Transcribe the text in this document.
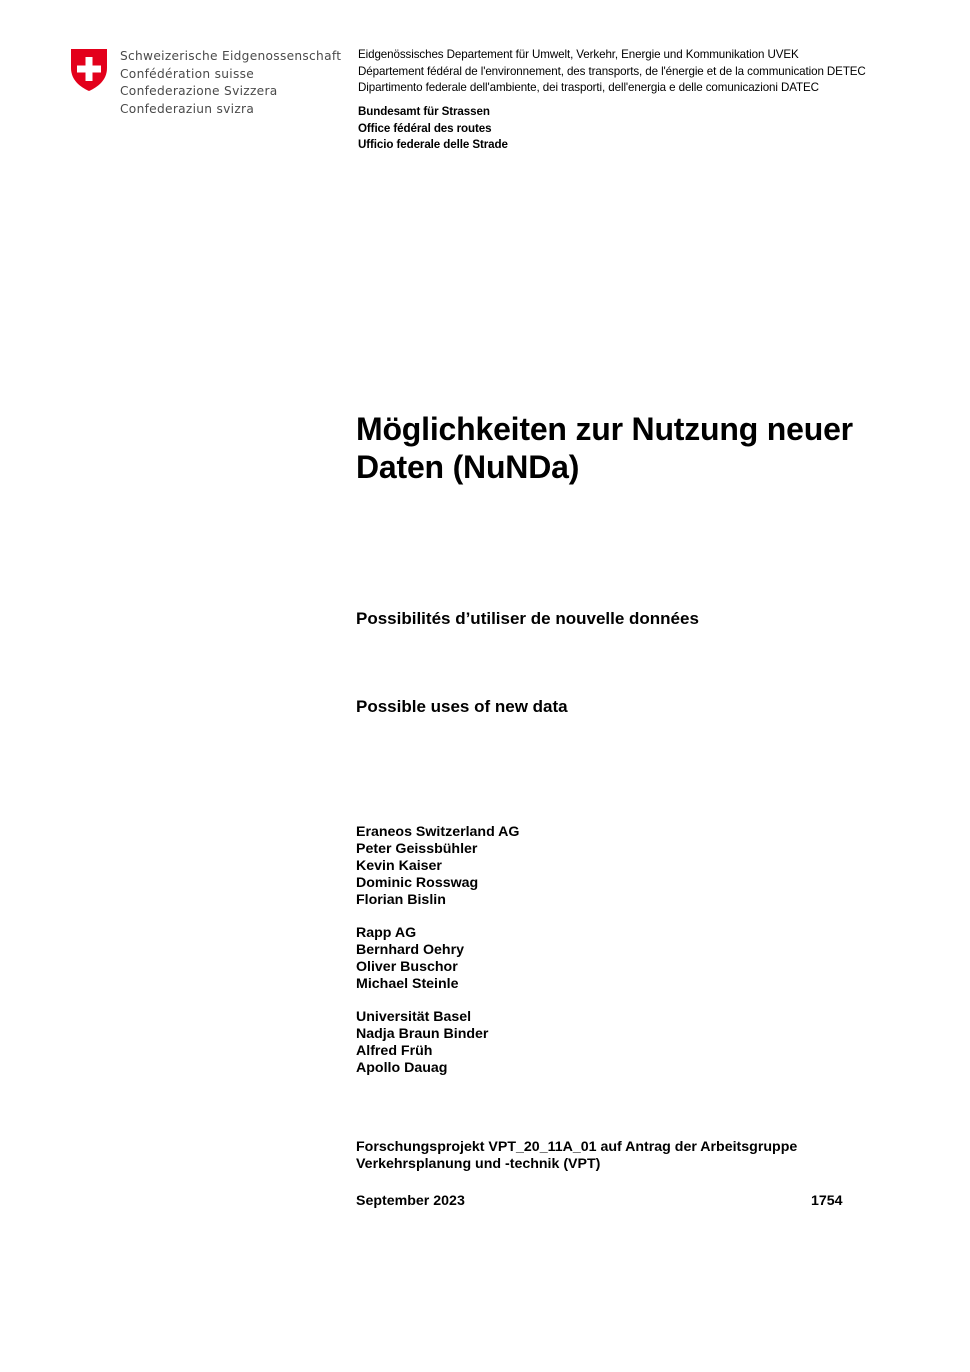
Schweizerische Eidgenossenschaft
Confédération suisse
Confederazione Svizzera
Confederaziun svizra
Eidgenössisches Departement für Umwelt, Verkehr, Energie und Kommunikation UVEK
Département fédéral de l'environnement, des transports, de l'énergie et de la communication DETEC
Dipartimento federale dell'ambiente, dei trasporti, dell'energia e delle comunicazioni DATEC
Bundesamt für Strassen
Office fédéral des routes
Ufficio federale delle Strade
Möglichkeiten zur Nutzung neuer Daten (NuNDa)
Possibilités d’utiliser de nouvelle données
Possible uses of new data
Eraneos Switzerland AG
Peter Geissbühler
Kevin Kaiser
Dominic Rosswag
Florian Bislin
Rapp AG
Bernhard Oehry
Oliver Buschor
Michael Steinle
Universität Basel
Nadja Braun Binder
Alfred Früh
Apollo Dauag
Forschungsprojekt VPT_20_11A_01 auf Antrag der Arbeitsgruppe
Verkehrsplanung und -technik (VPT)
September 2023	1754
